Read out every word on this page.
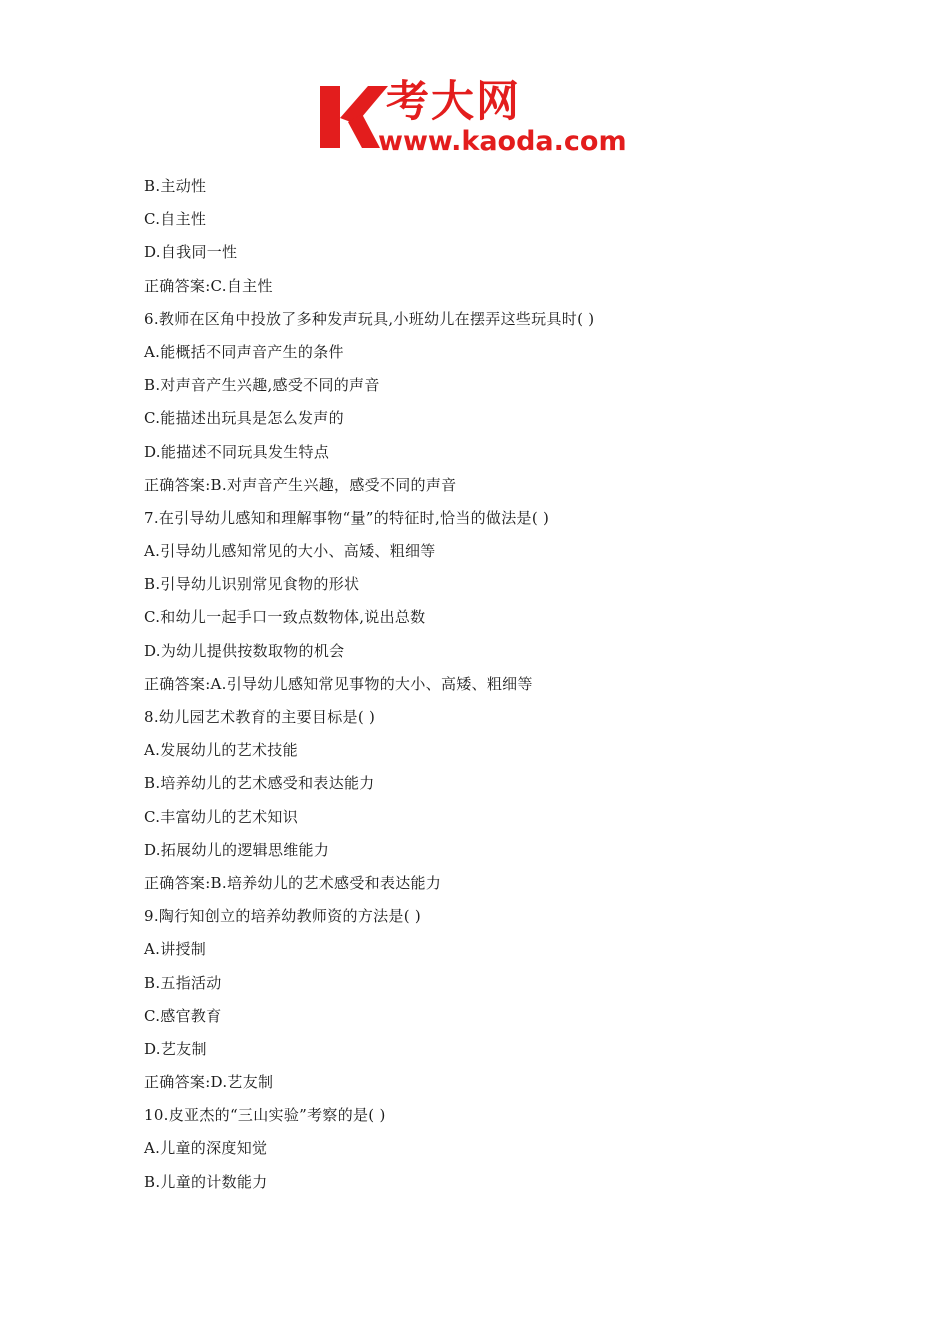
考大网
www.kaoda.com
B.主动性
C.自主性
D.自我同一性
正确答案:C.自主性
6.教师在区角中投放了多种发声玩具,小班幼儿在摆弄这些玩具时( )
A.能概括不同声音产生的条件
B.对声音产生兴趣,感受不同的声音
C.能描述出玩具是怎么发声的
D.能描述不同玩具发生特点
正确答案:B.对声音产生兴趣，感受不同的声音
7.在引导幼儿感知和理解事物“量”的特征时,恰当的做法是( )
A.引导幼儿感知常见的大小、高矮、粗细等
B.引导幼儿识别常见食物的形状
C.和幼儿一起手口一致点数物体,说出总数
D.为幼儿提供按数取物的机会
正确答案:A.引导幼儿感知常见事物的大小、高矮、粗细等
8.幼儿园艺术教育的主要目标是( )
A.发展幼儿的艺术技能
B.培养幼儿的艺术感受和表达能力
C.丰富幼儿的艺术知识
D.拓展幼儿的逻辑思维能力
正确答案:B.培养幼儿的艺术感受和表达能力
9.陶行知创立的培养幼教师资的方法是( )
A.讲授制
B.五指活动
C.感官教育
D.艺友制
正确答案:D.艺友制
10.皮亚杰的“三山实验”考察的是( )
A.儿童的深度知觉
B.儿童的计数能力
